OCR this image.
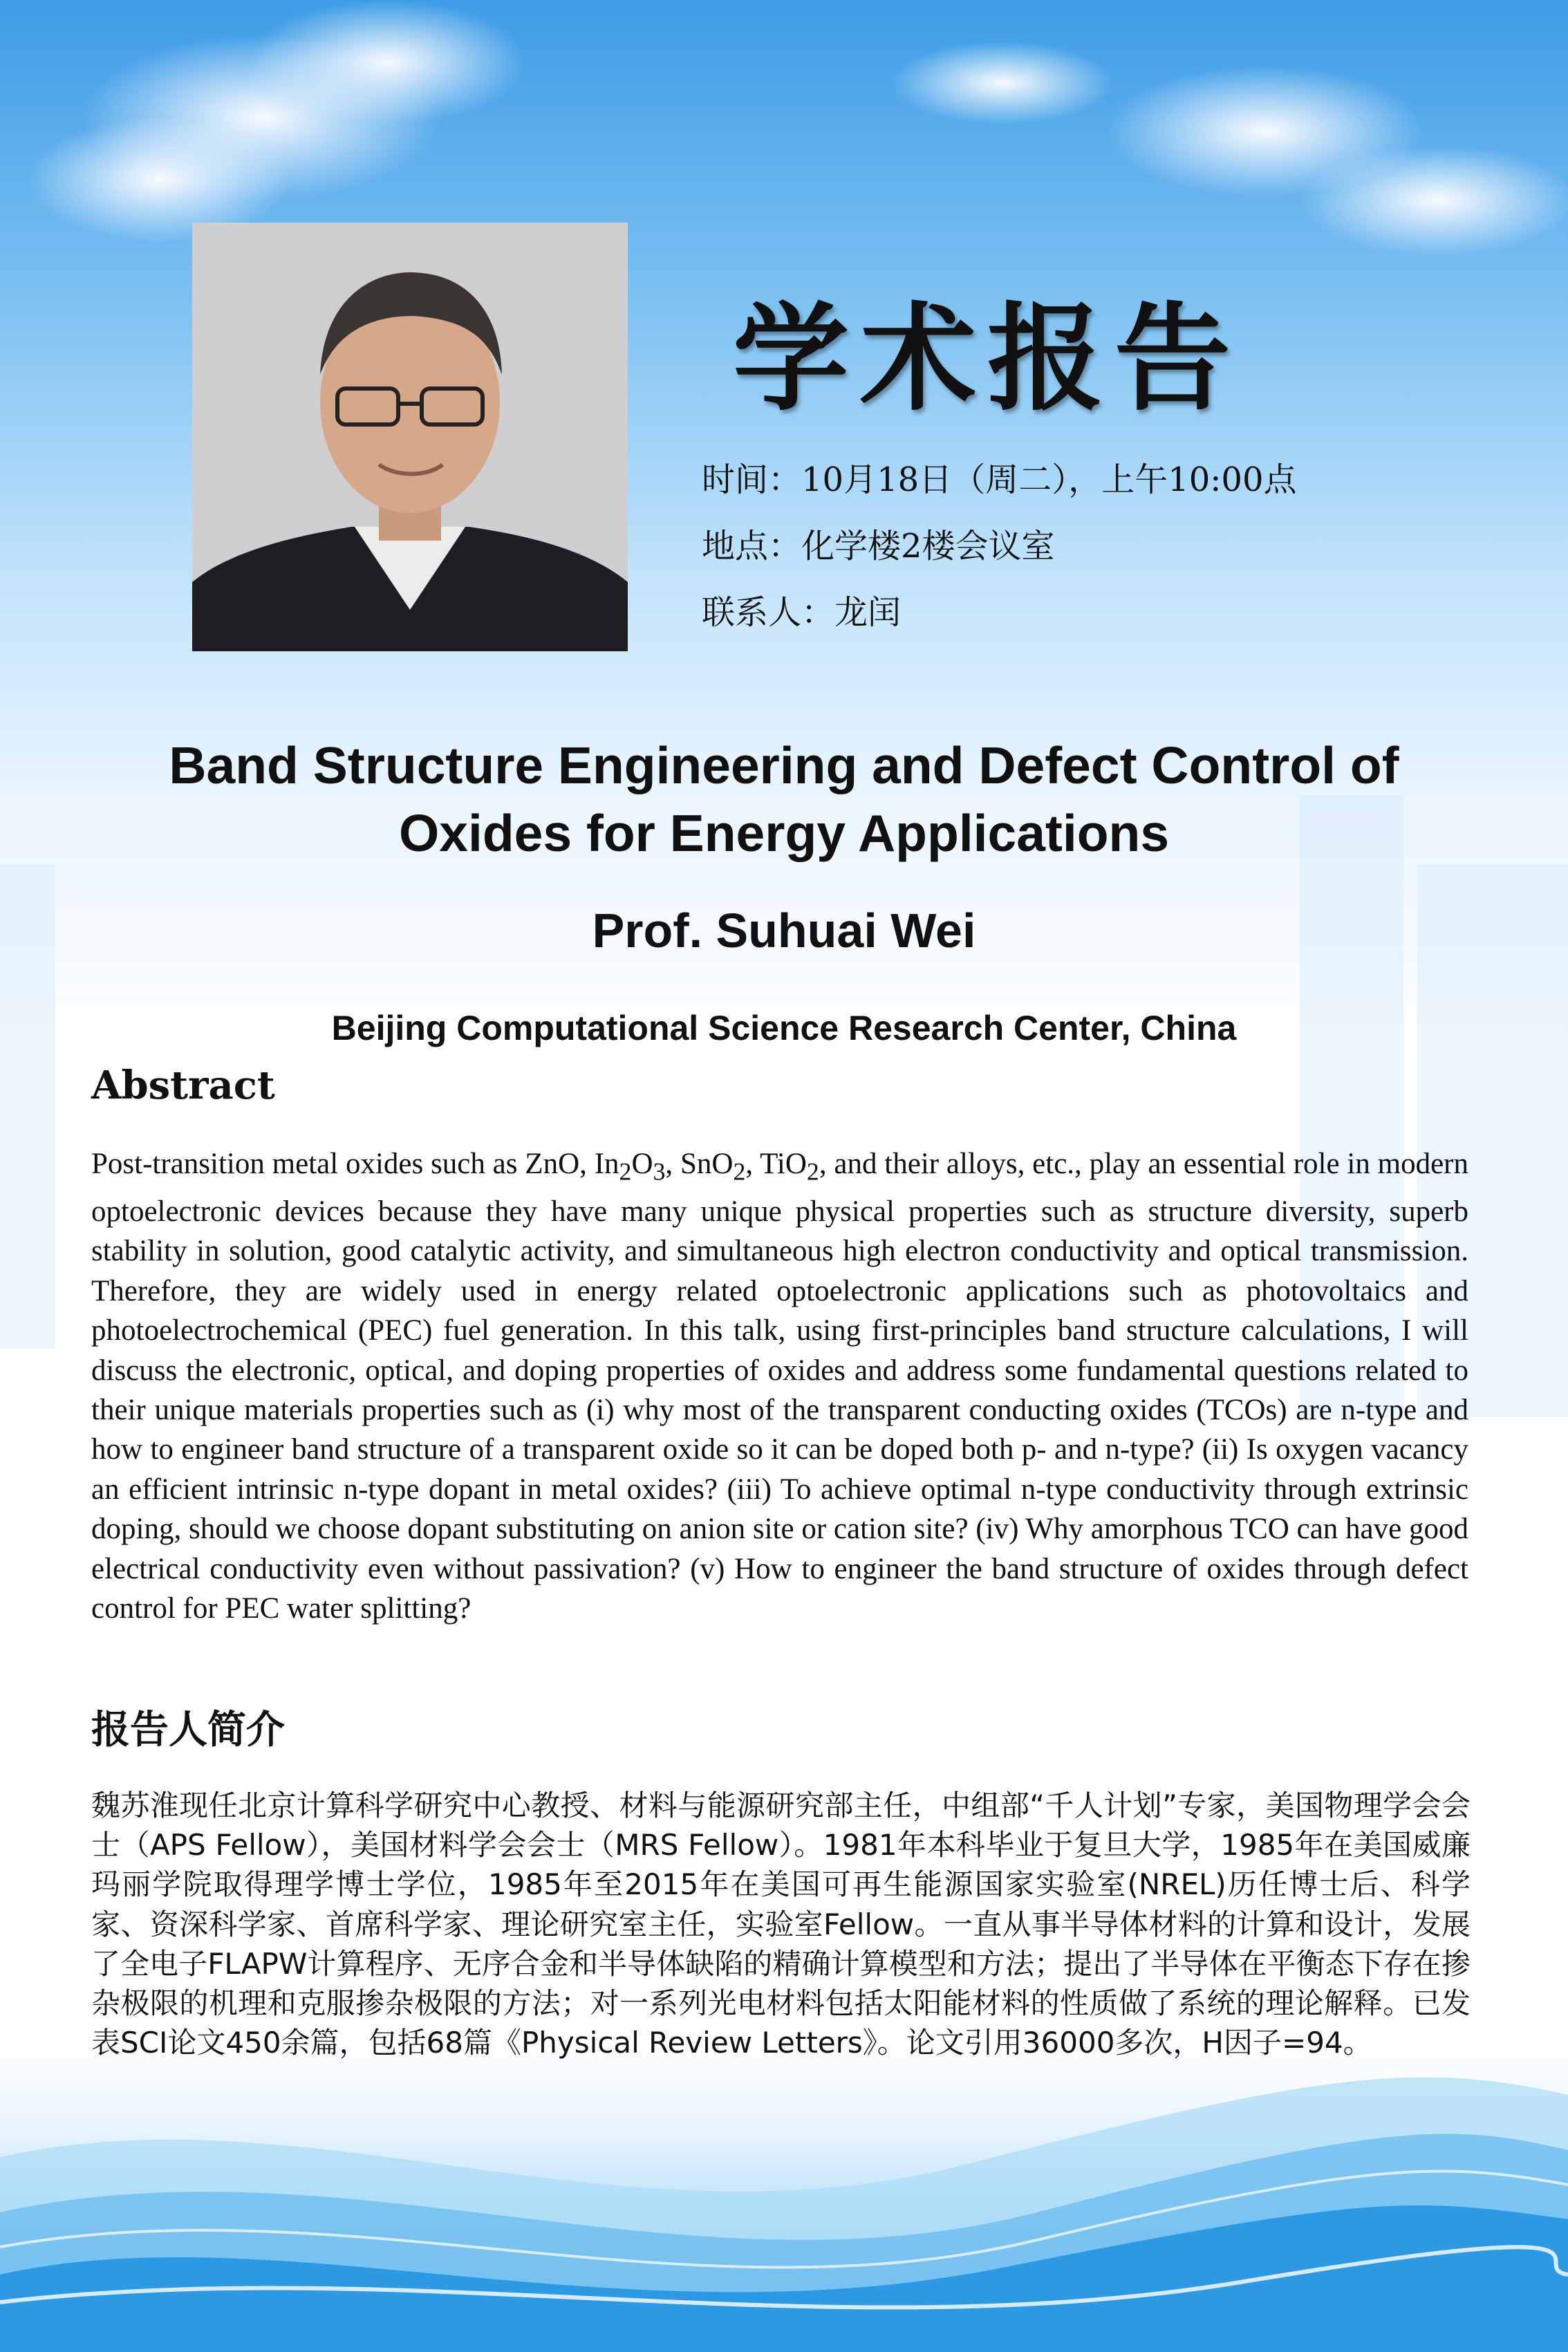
学术报告
时间：10月18日（周二），上午10:00点
地点：化学楼2楼会议室
联系人：龙闰
Band Structure Engineering and Defect Control of
Oxides for Energy Applications
Prof. Suhuai Wei
Beijing Computational Science Research Center, China
Abstract
Post-transition metal oxides such as ZnO, $In_2O_3$, SnO$_2$, TiO$_2$, and their alloys, etc., play an essential role in modern optoelectronic devices because they have many unique physical properties such as structure diversity, superb stability in solution, good catalytic activity, and simultaneous high electron conductivity and optical transmission. Therefore, they are widely used in energy related optoelectronic applications such as photovoltaics and photoelectrochemical (PEC) fuel generation. In this talk, using first-principles band structure calculations, I will discuss the electronic, optical, and doping properties of oxides and address some fundamental questions related to their unique materials properties such as (i) why most of the transparent conducting oxides (TCOs) are n-type and how to engineer band structure of a transparent oxide so it can be doped both p- and n-type? (ii) Is oxygen vacancy an efficient intrinsic n-type dopant in metal oxides? (iii) To achieve optimal n-type conductivity through extrinsic doping, should we choose dopant substituting on anion site or cation site? (iv) Why amorphous TCO can have good electrical conductivity even without passivation? (v) How to engineer the band structure of oxides through defect control for PEC water splitting?
报告人简介
魏苏淮现任北京计算科学研究中心教授、材料与能源研究部主任，中组部“千人计划”专家，美国物理学会会士（APS Fellow），美国材料学会会士（MRS Fellow）。1981年本科毕业于复旦大学，1985年在美国威廉玛丽学院取得理学博士学位，1985年至2015年在美国可再生能源国家实验室(NREL)历任博士后、科学家、资深科学家、首席科学家、理论研究室主任，实验室Fellow。一直从事半导体材料的计算和设计，发展了全电子FLAPW计算程序、无序合金和半导体缺陷的精确计算模型和方法；提出了半导体在平衡态下存在掺杂极限的机理和克服掺杂极限的方法；对一系列光电材料包括太阳能材料的性质做了系统的理论解释。已发表SCI论文450余篇，包括68篇《Physical Review Letters》。论文引用36000多次，H因子=94。
